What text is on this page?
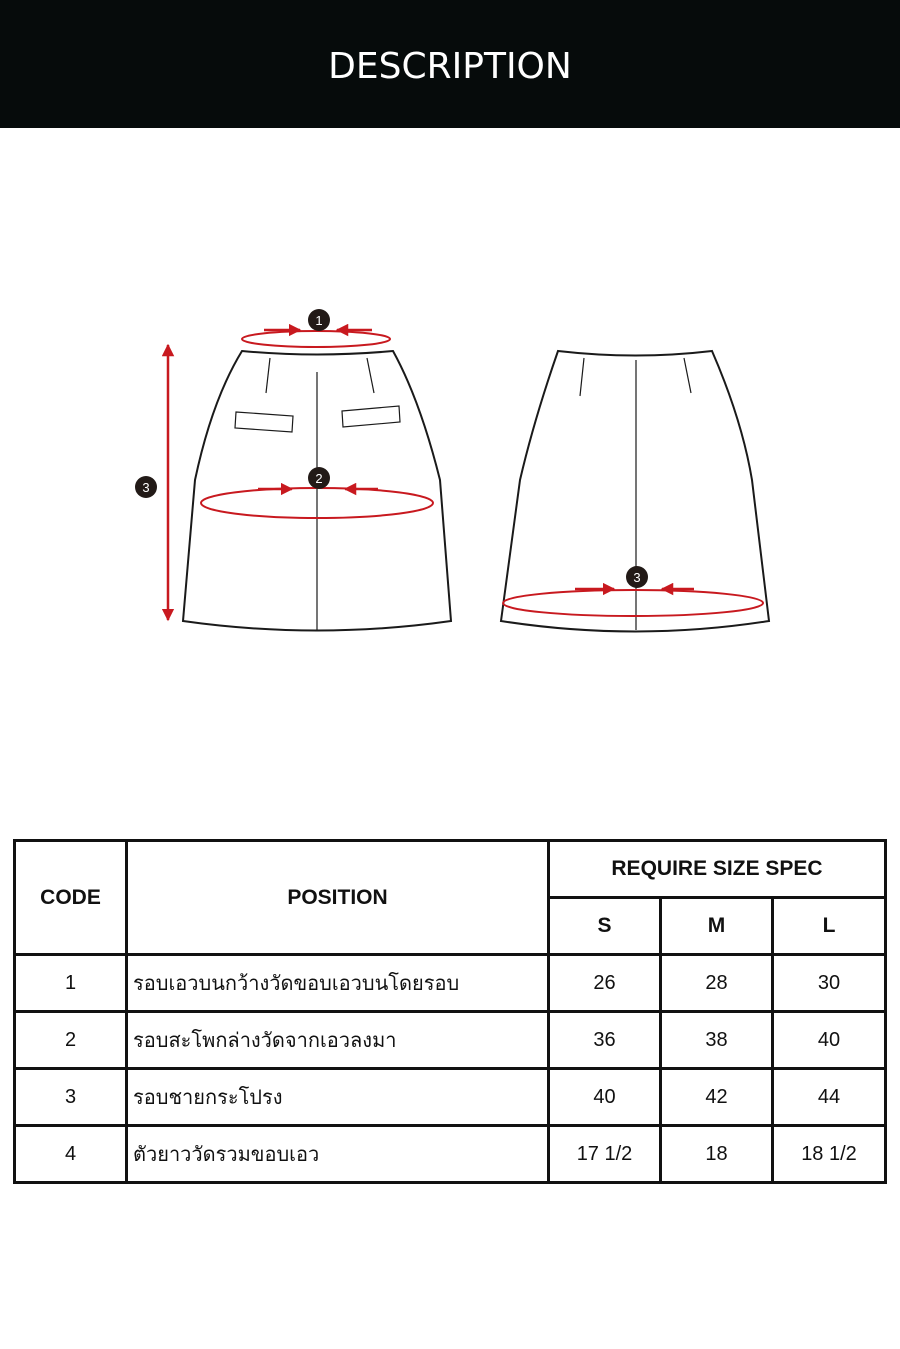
DESCRIPTION
1
2
3
3
CODE	POSITION	REQUIRE SIZE SPEC		
		S	M	L
1	รอบเอวบนกว้างวัดขอบเอวบนโดยรอบ	26	28	30
2	รอบสะโพกล่างวัดจากเอวลงมา	36	38	40
3	รอบชายกระโปรง	40	42	44
4	ตัวยาววัดรวมขอบเอว	17 1/2	18	18 1/2
